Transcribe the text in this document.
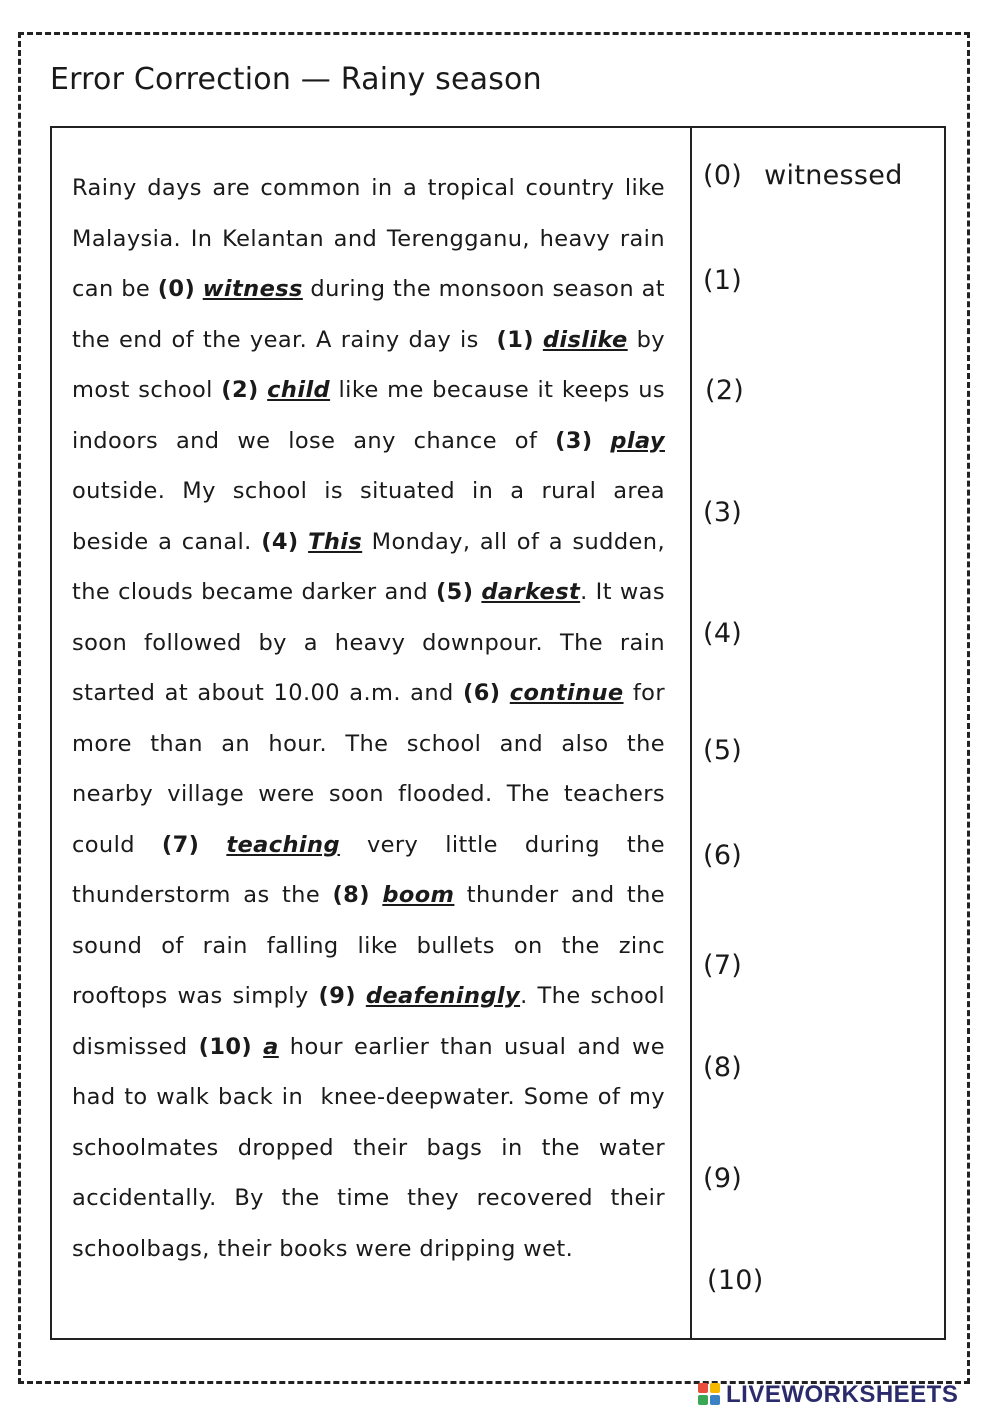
Error Correction — Rainy season

Rainy days are common in a tropical country like Malaysia. In Kelantan and Terengganu, heavy rain can be (0) witness during the monsoon season at the end of the year. A rainy day is  (1) dislike by most school (2) child like me because it keeps us indoors and we lose any chance of (3) play outside. My school is situated in a rural area beside a canal. (4) This Monday, all of a sudden, the clouds became darker and (5) darkest. It was soon followed by a heavy downpour. The rain started at about 10.00 a.m. and (6) continue for more than an hour. The school and also the nearby village were soon flooded. The teachers could (7) teaching very little during the thunderstorm as the (8) boom thunder and the sound of rain falling like bullets on the zinc rooftops was simply (9) deafeningly. The school dismissed (10) a hour earlier than usual and we had to walk back in  knee-deepwater. Some of my schoolmates dropped their bags in the water accidentally. By the time they recovered their schoolbags, their books were dripping wet.

(0) witnessed
(1)
(2)
(3)
(4)
(5)
(6)
(7)
(8)
(9)
(10)
LIVEWORKSHEETS
